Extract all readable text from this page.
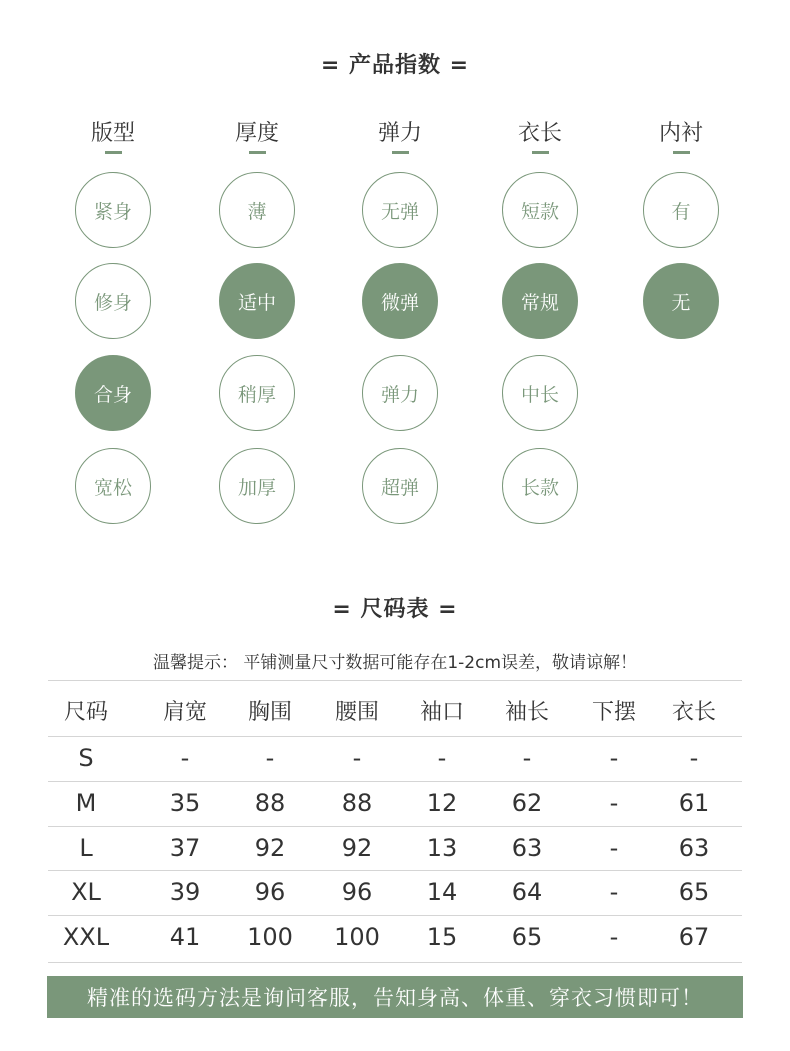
= 产品指数 =
版型
紧身
修身
合身
宽松
厚度
薄
适中
稍厚
加厚
弹力
无弹
微弹
弹力
超弹
衣长
短款
常规
中长
长款
内衬
有
无
= 尺码表 =
温馨提示： 平铺测量尺寸数据可能存在1-2cm误差，敬请谅解！
尺码	肩宽	胸围	腰围	袖口	袖长	下摆	衣长
S	-	-	-	-	-	-	-
M	35	88	88	12	62	-	61
L	37	92	92	13	63	-	63
XL	39	96	96	14	64	-	65
XXL	41	100	100	15	65	-	67
精准的选码方法是询问客服，告知身高、体重、穿衣习惯即可！
